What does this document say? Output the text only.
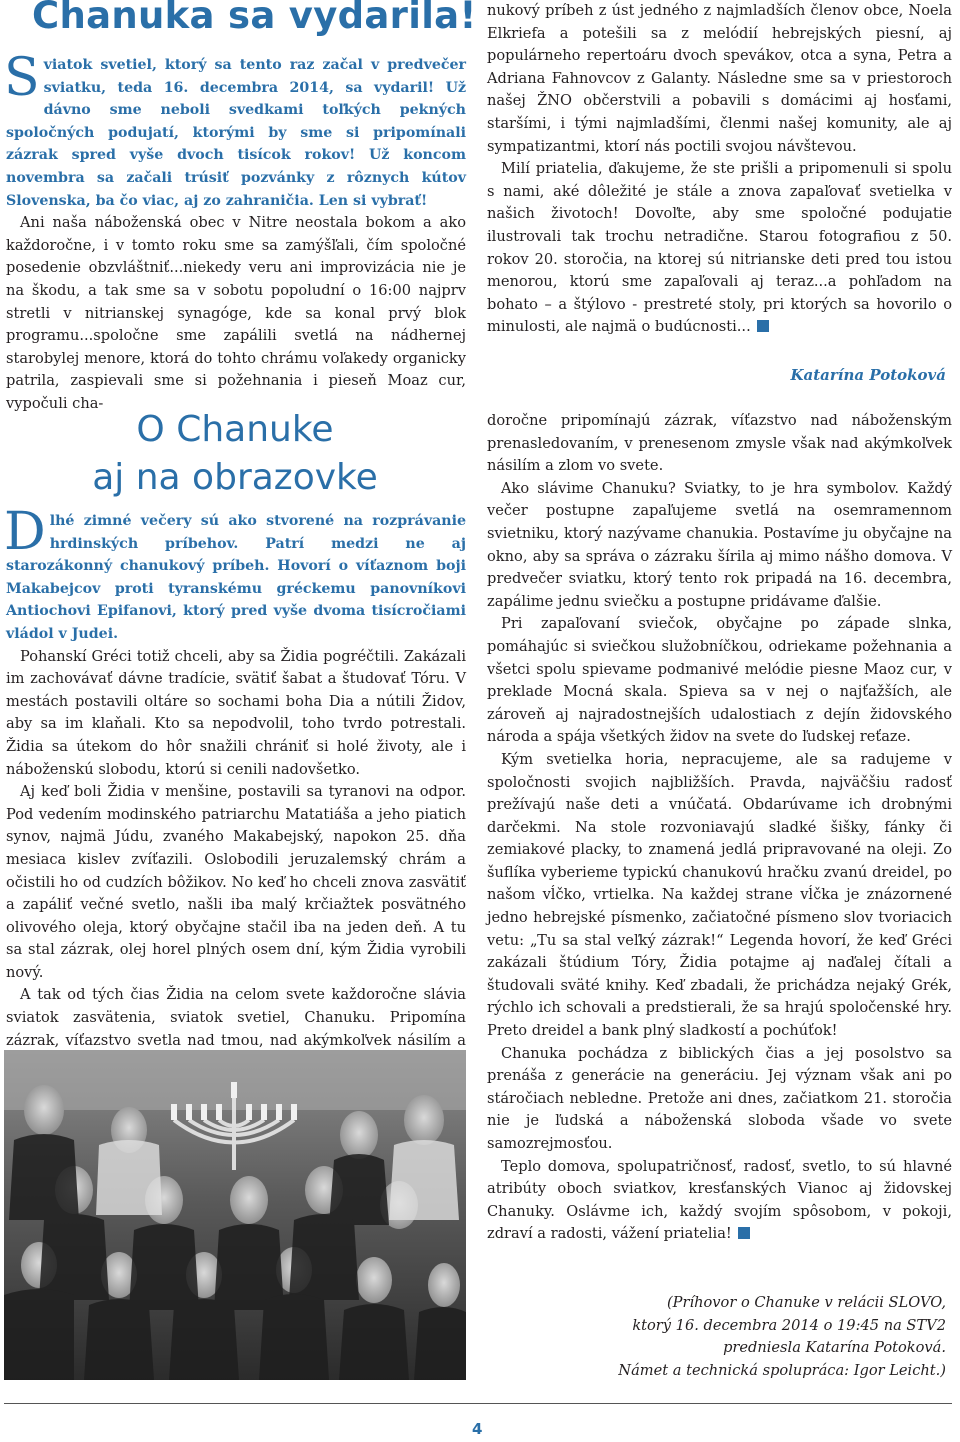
Chanuka sa vydarila!
Sviatok svetiel, ktorý sa tento raz začal v predvečer sviatku, teda 16. decembra 2014, sa vydaril! Už dávno sme neboli svedkami toľkých pekných spoločných podujatí, ktorými by sme si pripomínali zázrak spred vyše dvoch tisícok rokov! Už koncom novembra sa začali trúsiť pozvánky z rôznych kútov Slovenska, ba čo viac, aj zo zahraničia. Len si vybrať!

Ani naša náboženská obec v Nitre neostala bokom a ako každoročne, i v tomto roku sme sa zamýšľali, čím spoločné posedenie obzvláštniť...niekedy veru ani improvizácia nie je na škodu, a tak sme sa v sobotu popoludní o 16:00 najprv stretli v nitrianskej synagóge, kde sa konal prvý blok programu...spoločne sme zapálili svetlá na nádhernej starobylej menore, ktorá do tohto chrámu voľakedy organicky patrila, zaspievali sme si požehnania i pieseň Moaz cur, vypočuli cha-

nukový príbeh z úst jedného z najmladších členov obce, Noela Elkriefa a potešili sa z melódií hebrejských piesní, aj populárneho repertoáru dvoch spevákov, otca a syna, Petra a Adriana Fahnovcov z Galanty. Následne sme sa v priestoroch našej ŽNO občerstvili a pobavili s domácimi aj hosťami, staršími, i tými najmladšími, členmi našej komunity, ale aj sympatizantmi, ktorí nás poctili svojou návštevou.

Milí priatelia, ďakujeme, že ste prišli a pripomenuli si spolu s nami, aké dôležité je stále a znova zapaľovať svetielka v našich životoch! Dovoľte, aby sme spoločné podujatie ilustrovali tak trochu netradične. Starou fotografiou z 50. rokov 20. storočia, na ktorej sú nitrianske deti pred tou istou menorou, ktorú sme zapaľovali aj teraz...a pohľadom na bohato – a štýlovo - prestreté stoly, pri ktorých sa hovorilo o minulosti, ale najmä o budúcnosti...

Katarína Potoková
O Chanuke
aj na obrazovke
Dlhé zimné večery sú ako stvorené na rozprávanie hrdinských príbehov. Patrí medzi ne aj starozákonný chanukový príbeh. Hovorí o víťaznom boji Makabejcov proti tyranskému gréckemu panovníkovi Antiochovi Epifanovi, ktorý pred vyše dvoma tisícročiami vládol v Judei.

Pohanskí Gréci totiž chceli, aby sa Židia pogréčtili. Zakázali im zachovávať dávne tradície, svätiť šabat a študovať Tóru. V mestách postavili oltáre so sochami boha Dia a nútili Židov, aby sa im klaňali. Kto sa nepodvolil, toho tvrdo potrestali. Židia sa útekom do hôr snažili chrániť si holé životy, ale i náboženskú slobodu, ktorú si cenili nadovšetko.

Aj keď boli Židia v menšine, postavili sa tyranovi na odpor. Pod vedením modinského patriarchu Matatiáša a jeho piatich synov, najmä Júdu, zvaného Makabejský, napokon 25. dňa mesiaca kislev zvíťazili. Oslobodili jeruzalemský chrám a očistili ho od cudzích bôžikov. No keď ho chceli znova zasvätiť a zapáliť večné svetlo, našli iba malý krčiažtek posvätného olivového oleja, ktorý obyčajne stačil iba na jeden deň. A tu sa stal zázrak, olej horel plných osem dní, kým Židia vyrobili nový.

A tak od tých čias Židia na celom svete každoročne slávia sviatok zasvätenia, sviatok svetiel, Chanuku. Pripomína zázrak, víťazstvo svetla nad tmou, nad akýmkoľvek násilím a

doročne pripomínajú zázrak, víťazstvo nad náboženským prenasledovaním, v prenesenom zmysle však nad akýmkoľvek násilím a zlom vo svete.

Ako slávime Chanuku? Sviatky, to je hra symbolov. Každý večer postupne zapaľujeme svetlá na osemramennom svietniku, ktorý nazývame chanukia. Postavíme ju obyčajne na okno, aby sa správa o zázraku šírila aj mimo nášho domova. V predvečer sviatku, ktorý tento rok pripadá na 16. decembra, zapálime jednu sviečku a postupne pridávame ďalšie.

Pri zapaľovaní sviečok, obyčajne po západe slnka, pomáhajúc si sviečkou služobníčkou, odriekame požehnania a všetci spolu spievame podmanivé melódie piesne Maoz cur, v preklade Mocná skala. Spieva sa v nej o najťažších, ale zároveň aj najradostnejších udalostiach z dejín židovského národa a spája všetkých židov na svete do ľudskej reťaze.

Kým svetielka horia, nepracujeme, ale sa radujeme v spoločnosti svojich najbližších. Pravda, najväčšiu radosť prežívajú naše deti a vnúčatá. Obdarúvame ich drobnými darčekmi. Na stole rozvoniavajú sladké šišky, fánky či zemiakové placky, to znamená jedlá pripravované na oleji. Zo šuflíka vyberieme typickú chanukovú hračku zvanú dreidel, po našom vĺčko, vrtielka. Na každej strane vĺčka je znázornené jedno hebrejské písmenko, začiatočné písmeno slov tvoriacich vetu: „Tu sa stal veľký zázrak!“ Legenda hovorí, že keď Gréci zakázali štúdium Tóry, Židia potajme aj naďalej čítali a študovali sväté knihy. Keď zbadali, že prichádza nejaký Grék, rýchlo ich schovali a predstierali, že sa hrajú spoločenské hry. Preto dreidel a bank plný sladkostí a pochúťok!

Chanuka pochádza z biblických čias a jej posolstvo sa prenáša z generácie na generáciu. Jej význam však ani po stáročiach nebledne. Pretože ani dnes, začiatkom 21. storočia nie je ľudská a náboženská sloboda všade vo svete samozrejmosťou.

Teplo domova, spolupatričnosť, radosť, svetlo, to sú hlavné atribúty obоch sviatkov, kresťanských Vianoc aj židovskej Chanuky. Oslávme ich, každý svojím spôsobom, v pokoji, zdraví a radosti, vážení priatelia!

(Príhovor o Chanuke v relácii SLOVO,
ktorý 16. decembra 2014 o 19:45 na STV2
predniesla Katarína Potoková.
Námet a technická spolupráca: Igor Leicht.)
4
